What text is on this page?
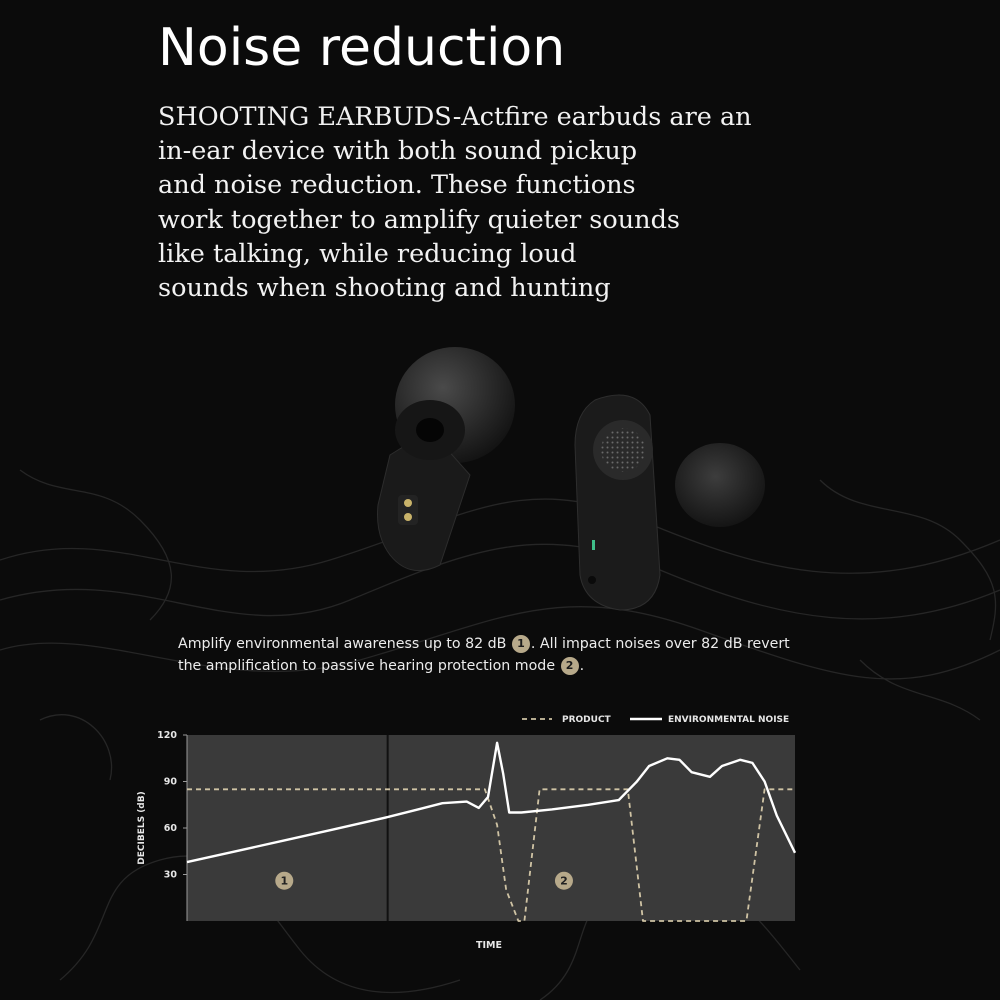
Noise reduction
SHOOTING EARBUDS-Actfire earbuds are an
in-ear device with both sound pickup
and noise reduction. These functions
work together to amplify quieter sounds
like talking, while reducing loud
sounds when shooting and hunting
Amplify environmental awareness up to 82 dB 1 . All impact noises over 82 dB revert the amplification to passive hearing protection mode 2 .
120
90
60
30	1	2
DECIBELS (dB)
TIME
PRODUCT	ENVIRONMENTAL NOISE
